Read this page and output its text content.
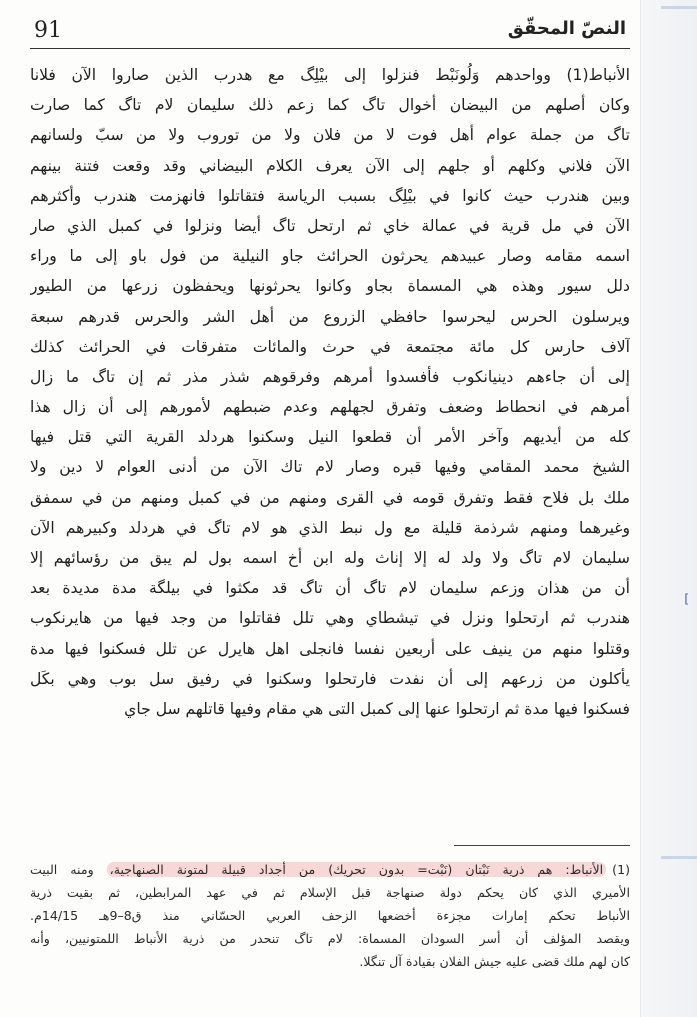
[
91	النصّ المحقّق
الأنباط(1) وواحدهم وَلُونَبْط فنزلوا إلى بيْلِگ مع هدرب الذين صاروا الآن فلانا
وكان أصلهم من البيضان أخوال تاگ كما زعم ذلك سليمان لام تاگ كما صارت
تاگ من جملة عوام أهل فوت لا من فلان ولا من توروب ولا من سبّ ولسانهم
الآن فلاني وكلهم أو جلهم إلى الآن يعرف الكلام البيضاني وقد وقعت فتنة بينهم
وبين هندرب حيث كانوا في بيْلِگ بسبب الرياسة فتقاتلوا فانهزمت هندرب وأكثرهم
الآن في مل قرية في عمالة خاي ثم ارتحل تاگ أيضا ونزلوا في كمبل الذي صار
اسمه مقامه وصار عبيدهم يحرثون الحرائث جاو النيلية من فول باو إلى ما وراء
دلل سيور وهذه هي المسماة بجاو وكانوا يحرثونها ويحفظون زرعها من الطيور
ويرسلون الحرس ليحرسوا حافظي الزروع من أهل الشر والحرس قدرهم سبعة
آلاف حارس كل مائة مجتمعة في حرث والمائات متفرقات في الحرائث كذلك
إلى أن جاءهم دينيانكوب فأفسدوا أمرهم وفرقوهم شذر مذر ثم إن تاگ ما زال
أمرهم في انحطاط وضعف وتفرق لجهلهم وعدم ضبطهم لأمورهم إلى أن زال هذا
كله من أيديهم وآخر الأمر أن قطعوا النيل وسكنوا هردلد القرية التي قتل فيها
الشيخ محمد المقامي وفيها قبره وصار لام تاك الآن من أدنى العوام لا دين ولا
ملك بل فلاح فقط وتفرق قومه في القرى ومنهم من في كمبل ومنهم من في سمفق
وغيرهما ومنهم شرذمة قليلة مع ول نبط الذي هو لام تاگ في هردلد وكبيرهم الآن
سليمان لام تاگ ولا ولد له إلا إناث وله ابن أخ اسمه بول لم يبق من رؤسائهم إلا
أن من هذان وزعم سليمان لام تاگ أن تاگ قد مكثوا في بيلگة مدة مديدة بعد
هندرب ثم ارتحلوا ونزل في تيشطاي وهي تلل فقاتلوا من وجد فيها من هايرنكوب
وقتلوا منهم من ينيف على أربعين نفسا فانجلى اهل هايرل عن تلل فسكنوا فيها مدة
يأكلون من زرعهم إلى أن نفدت فارتحلوا وسكنوا في رفيق سل بوب وهي بكَل
فسكنوا فيها مدة ثم ارتحلوا عنها إلى كمبل التى هي مقام وفيها قاتلهم سل جاي
(1)الأنباط: هم ذرية نَبْتان (نَبْت= بدون تحريك) من أجداد قبيلة لمتونة الصنهاجية، ومنه البيت
الأميري الذي كان يحكم دولة صنهاجة قبل الإسلام ثم في عهد المرابطين، ثم بقيت ذرية
الأنباط تحكم إمارات مجزءة أخضعها الزحف العربي الحسّاني منذ ق8–9هـ 14/15م.
ويقصد المؤلف أن أسر السودان المسماة: لام تاگ تنحدر من ذرية الأنباط اللمتونيين، وأنه
كان لهم ملك قضى عليه جيش الفلان بقيادة آل تنگلا.
